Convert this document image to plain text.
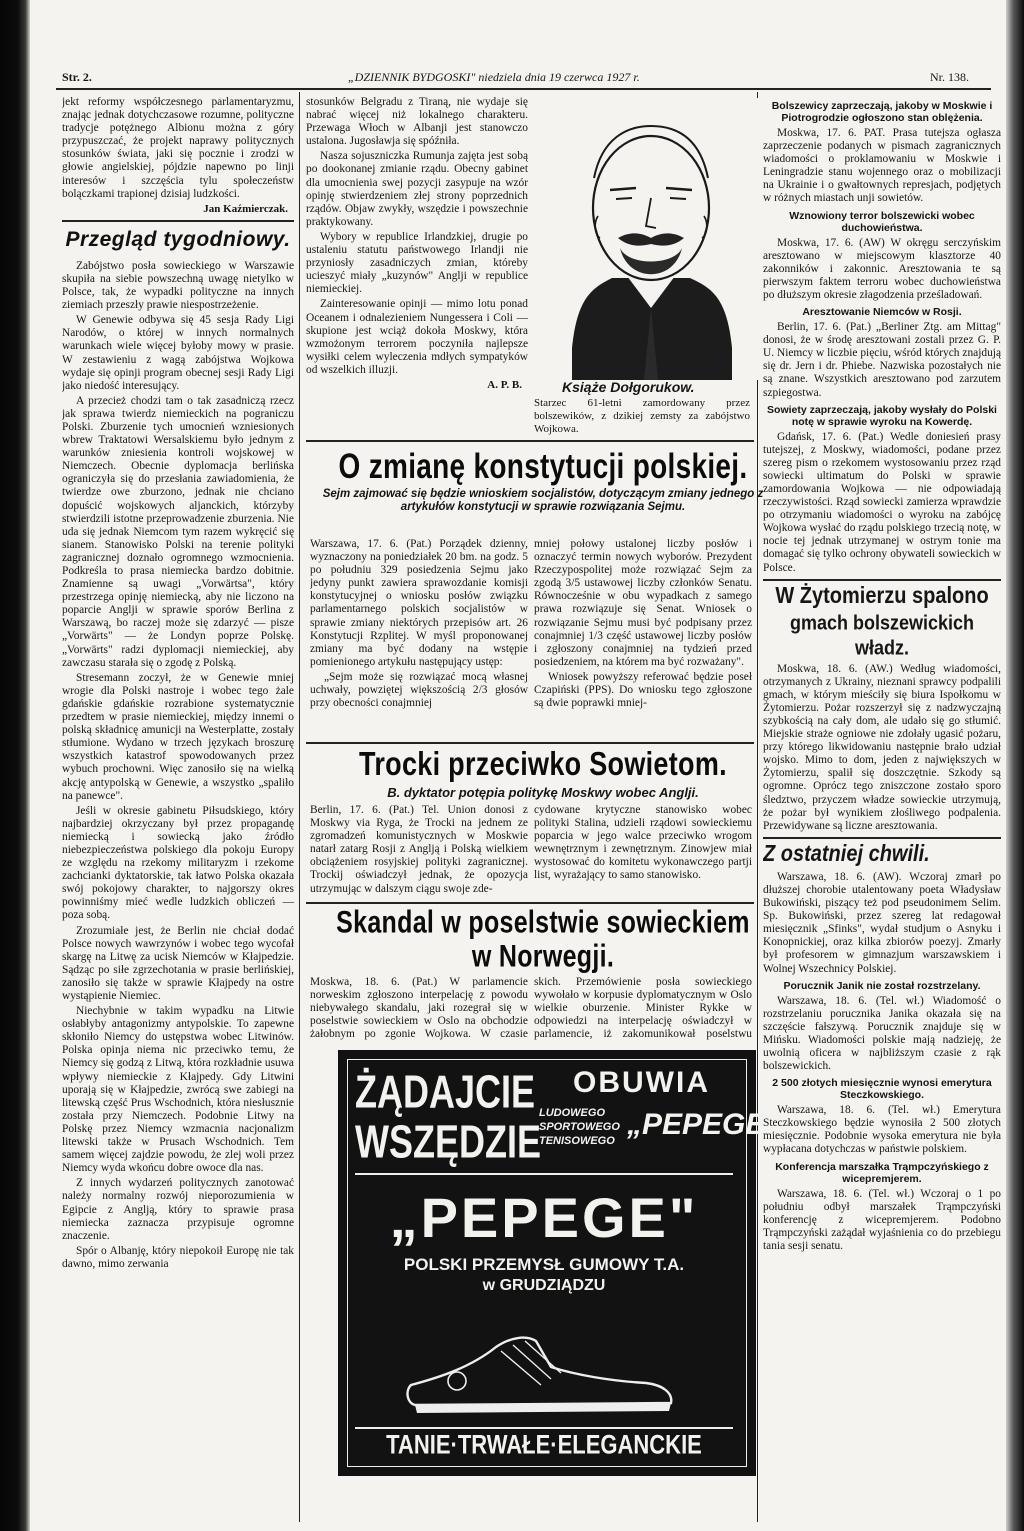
Str. 2.	„DZIENNIK BYDGOSKI" niedziela dnia 19 czerwca 1927 r.	Nr. 138.

jekt reformy współczesnego parlamentaryzmu, znając jednak dotychczasowe rozumne, polityczne tradycje potężnego Albionu można z góry przypuszczać, że projekt naprawy politycznych stosunków świata, jaki się pocznie i zrodzi w głowie angielskiej, pójdzie napewno po linji interesów i szczęścia tylu społeczeństw bolączkami trapionej dzisiaj ludzkości.

Jan Kaźmierczak.

Przegląd tygodniowy.

Zabójstwo posła sowieckiego w Warszawie skupiła na siebie powszechną uwagę nietylko w Polsce, tak, że wypadki polityczne na innych ziemiach przeszły prawie niespostrzeżenie.

W Genewie odbywa się 45 sesja Rady Ligi Narodów, o której w innych normalnych warunkach wiele więcej byłoby mowy w prasie. W zestawieniu z wagą zabójstwa Wojkowa wydaje się opinji program obecnej sesji Rady Ligi jako niedość interesujący.

A przecież chodzi tam o tak zasadniczą rzecz jak sprawa twierdz niemieckich na pograniczu Polski. Zburzenie tych umocnień wzniesionych wbrew Traktatowi Wersalskiemu było jednym z warunków zniesienia kontroli wojskowej w Niemczech. Obecnie dyplomacja berlińska ograniczyła się do przesłania zawiadomienia, że twierdze owe zburzono, jednak nie chciano dopuścić wojskowych aljanckich, którzyby stwierdzili istotne przeprowadzenie zburzenia. Nie uda się jednak Niemcom tym razem wykręcić się sianem. Stanowisko Polski na terenie polityki zagranicznej doznało ogromnego wzmocnienia. Podkreśla to prasa niemiecka bardzo dobitnie. Znamienne są uwagi „Vorwärtsa", który przestrzega opinję niemiecką, aby nie liczono na poparcie Anglji w sprawie sporów Berlina z Warszawą, bo raczej może się zdarzyć — pisze „Vorwärts" — że Londyn poprze Polskę. „Vorwärts" radzi dyplomacji niemieckiej, aby zawczasu starała się o zgodę z Polską.

Stresemann zoczył, że w Genewie mniej wrogie dla Polski nastroje i wobec tego żale gdańskie gdańskie rozrabione systematycznie przedtem w prasie niemieckiej, między innemi o polską składnicę amunicji na Westerplatte, zostały stłumione. Wydano w trzech językach broszurę wszystkich katastrof spowodowanych przez wybuch prochowni. Więc zanosiło się na wielką akcję antypolską w Genewie, a wszystko „spaliło na panewce".

Jeśli w okresie gabinetu Piłsudskiego, który najbardziej okrzyczany był przez propagandę niemiecką i sowiecką jako źródło niebezpieczeństwa polskiego dla pokoju Europy ze względu na rzekomy militaryzm i rzekome zachcianki dyktatorskie, tak łatwo Polska okazała swój pokojowy charakter, to najgorszy okres powinniśmy mieć wedle ludzkich obliczeń — poza sobą.

Zrozumiałe jest, że Berlin nie chciał dodać Polsce nowych wawrzynów i wobec tego wycofał skargę na Litwę za ucisk Niemców w Kłajpedzie. Sądząc po siłe zgrzechotania w prasie berlińskiej, zanosiło się także w sprawie Kłajpedy na ostre wystąpienie Niemiec.

Niechybnie w takim wypadku na Litwie osłabłyby antagonizmy antypolskie. To zapewne skłoniło Niemcy do ustępstwa wobec Litwinów. Polska opinja niema nic przeciwko temu, że Niemcy się godzą z Litwą, która rozkładnie usuwa wpływy niemieckie z Kłajpedy. Gdy Litwini uporają się w Kłajpedzie, zwrócą swe zabiegi na litewską część Prus Wschodnich, która niesłusznie została przy Niemczech. Podobnie Litwy na Polskę przez Niemcy wzmacnia nacjonalizm litewski także w Prusach Wschodnich. Tem samem więcej zajdzie powodu, że zlej woli przez Niemcy wyda wkońcu dobre owoce dla nas.

Z innych wydarzeń politycznych zanotować należy normalny rozwój nieporozumienia w Egipcie z Anglją, który to sprawie prasa niemiecka zaznacza przypisuje ogromne znaczenie.

Spór o Albanję, który niepokoił Europę nie tak dawno, mimo zerwania

stosunków Belgradu z Tiraną, nie wydaje się nabrać więcej niż lokalnego charakteru. Przewaga Włoch w Albanji jest stanowczo ustalona. Jugosławja się spóźniła.

Nasza sojuszniczka Rumunja zajęta jest sobą po dookonanej zmianie rządu. Obecny gabinet dla umocnienia swej pozycji zasypuje na wzór opinję stwierdzeniem złej strony poprzednich rządów. Objaw zwykły, wszędzie i powszechnie praktykowany.

Wybory w republice Irlandzkiej, drugie po ustaleniu statutu państwowego Irlandji nie przyniosły zasadniczych zmian, któreby ucieszyć miały „kuzynów" Anglji w republice niemieckiej.

Zainteresowanie opinji — mimo lotu ponad Oceanem i odnalezieniem Nungessera i Coli — skupione jest wciąż dokoła Moskwy, która wzmożonym terrorem poczyniła najlepsze wysiłki celem wyleczenia mdłych sympatyków od wszelkich illuzji.

A. P. B.	Książe Dołgorukow.
Starzec 61-letni zamordowany przez bolszewików, z dzikiej zemsty za zabójstwo Wojkowa.
O zmianę konstytucji polskiej.
Sejm zajmować się będzie wnioskiem socjalistów, dotyczącym zmiany jednego z artykułów konstytucji w sprawie rozwiązania Sejmu.

Warszawa, 17. 6. (Pat.) Porządek dzienny, wyznaczony na poniedziałek 20 bm. na godz. 5 po południu 329 posiedzenia Sejmu jako jedyny punkt zawiera sprawozdanie komisji konstytucyjnej o wniosku posłów związku parlamentarnego polskich socjalistów w sprawie zmiany niektórych przepisów art. 26 Konstytucji Rzplitej. W myśl proponowanej zmiany ma być dodany na wstępie pomienionego artykułu następujący ustęp:

„Sejm może się rozwiązać mocą własnej uchwały, powziętej większością 2/3 głosów przy obecności conajmniej

mniej połowy ustalonej liczby posłów i oznaczyć termin nowych wyborów. Prezydent Rzeczypospolitej może rozwiązać Sejm za zgodą 3/5 ustawowej liczby członków Senatu. Równocześnie w obu wypadkach z samego prawa rozwiązuje się Senat. Wniosek o rozwiązanie Sejmu musi być podpisany przez conajmniej 1/3 część ustawowej liczby posłów i zgłoszony conajmniej na tydzień przed posiedzeniem, na którem ma być rozważany".

Wniosek powyższy referować będzie poseł Czapiński (PPS). Do wniosku tego zgłoszone są dwie poprawki mniej-

Trocki przeciwko Sowietom.
B. dyktator potępia politykę Moskwy wobec Anglji.

Berlin, 17. 6. (Pat.) Tel. Union donosi z Moskwy via Ryga, że Trocki na jednem ze zgromadzeń komunistycznych w Moskwie natarł zatarg Rosji z Anglją i Polską wielkiem obciążeniem rosyjskiej polityki zagranicznej. Trockij oświadczył jednak, że opozycja utrzymując w dalszym ciągu swoje zde-

cydowane krytyczne stanowisko wobec polityki Stalina, udzieli rządowi sowieckiemu poparcia w jego walce przeciwko wrogom wewnętrznym i zewnętrznym. Zinowjew miał wystosować do komitetu wykonawczego partji list, wyrażający to samo stanowisko.

Skandal w poselstwie sowieckiem
w Norwegji.

Moskwa, 18. 6. (Pat.) W parlamencie norweskim zgłoszono interpelację z powodu niebywałego skandalu, jaki rozegrał się w poselstwie sowieckiem w Oslo na obchodzie żałobnym po zgonie Wojkowa. W czasie

skich. Przemówienie posła sowieckiego wywołało w korpusie dyplomatycznym w Oslo wielkie oburzenie. Minister Rykke w odpowiedzi na interpelację oświadczył w parlamencie, iż zakomunikował poselstwu

ŻĄDAJCIE
WSZĘDZIE
OBUWIA
LUDOWEGO
SPORTOWEGO
TENISOWEGO „PEPEGE"
„PEPEGE"
POLSKI PRZEMYSŁ GUMOWY T.A.
w GRUDZIĄDZU
TANIE·TRWAŁE·ELEGANCKIE
Bolszewicy zaprzeczają, jakoby w Moskwie i Piotrogrodzie ogłoszono stan oblężenia.

Moskwa, 17. 6. PAT. Prasa tutejsza ogłasza zaprzeczenie podanych w pismach zagranicznych wiadomości o proklamowaniu w Moskwie i Leningradzie stanu wojennego oraz o mobilizacji na Ukrainie i o gwałtownych represjach, podjętych w różnych miastach unji sowietów.

Wznowiony terror bolszewicki wobec duchowieństwa.

Moskwa, 17. 6. (AW) W okręgu serczyńskim aresztowano w miejscowym klasztorze 40 zakonników i zakonnic. Aresztowania te są pierwszym faktem terroru wobec duchowieństwa po dłuższym okresie złagodzenia prześladowań.

Aresztowanie Niemców w Rosji.

Berlin, 17. 6. (Pat.) „Berliner Ztg. am Mittag" donosi, że w środę aresztowani zostali przez G. P. U. Niemcy w liczbie pięciu, wśród których znajdują się dr. Jern i dr. Phiebe. Nazwiska pozostałych nie są znane. Wszystkich aresztowano pod zarzutem szpiegostwa.

Sowiety zaprzeczają, jakoby wysłały do Polski notę w sprawie wyroku na Kowerdę.

Gdańsk, 17. 6. (Pat.) Wedle doniesień prasy tutejszej, z Moskwy, wiadomości, podane przez szereg pism o rzekomem wystosowaniu przez rząd sowiecki ultimatum do Polski w sprawie zamordowania Wojkowa — nie odpowiadają rzeczywistości. Rząd sowiecki zamierza wprawdzie po otrzymaniu wiadomości o wyroku na zabójcę Wojkowa wysłać do rządu polskiego trzecią notę, w nocie tej jednak utrzymanej w ostrym tonie ma domagać się tylko ochrony obywateli sowieckich w Polsce.

W Żytomierzu spalono
gmach bolszewickich władz.

Moskwa, 18. 6. (AW.) Według wiadomości, otrzymanych z Ukrainy, nieznani sprawcy podpalili gmach, w którym mieściły się biura Ispołkomu w Żytomierzu. Pożar rozszerzył się z nadzwyczajną szybkością na cały dom, ale udało się go stłumić. Miejskie straże ogniowe nie zdołały ugasić pożaru, przy którego likwidowaniu następnie brało udział wojsko. Mimo to dom, jeden z największych w Żytomierzu, spalił się doszczętnie. Szkody są ogromne. Oprócz tego zniszczone zostało sporo śledztwo, przyczem władze sowieckie utrzymują, że pożar był wynikiem złośliwego podpalenia. Przewidywane są liczne aresztowania.

Z ostatniej chwili.

Warszawa, 18. 6. (AW). Wczoraj zmarł po dłuższej chorobie utalentowany poeta Władysław Bukowiński, piszący też pod pseudonimem Selim. Sp. Bukowiński, przez szereg lat redagował miesięcznik „Sfinks", wydał studjum o Asnyku i Konopnickiej, oraz kilka zbiorów poezyj. Zmarły był profesorem w gimnazjum warszawskiem i Wolnej Wszechnicy Polskiej.

Porucznik Janik nie został rozstrzelany.

Warszawa, 18. 6. (Tel. wł.) Wiadomość o rozstrzelaniu porucznika Janika okazała się na szczęście fałszywą. Porucznik znajduje się w Mińsku. Wiadomości polskie mają nadzieję, że uwolnią oficera w najbliższym czasie z rąk bolszewickich.

2 500 złotych miesięcznie wynosi emerytura Steczkowskiego.

Warszawa, 18. 6. (Tel. wł.) Emerytura Steczkowskiego będzie wynosiła 2 500 złotych miesięcznie. Podobnie wysoka emerytura nie była wypłacana dotychczas w państwie polskiem.

Konferencja marszałka Trąmpczyńskiego z wicepremjerem.

Warszawa, 18. 6. (Tel. wł.) Wczoraj o 1 po południu odbył marszałek Trąmpczyński konferencję z wicepremjerem. Podobno Trąmpczyński zażądał wyjaśnienia co do przebiegu tania sesji senatu.
